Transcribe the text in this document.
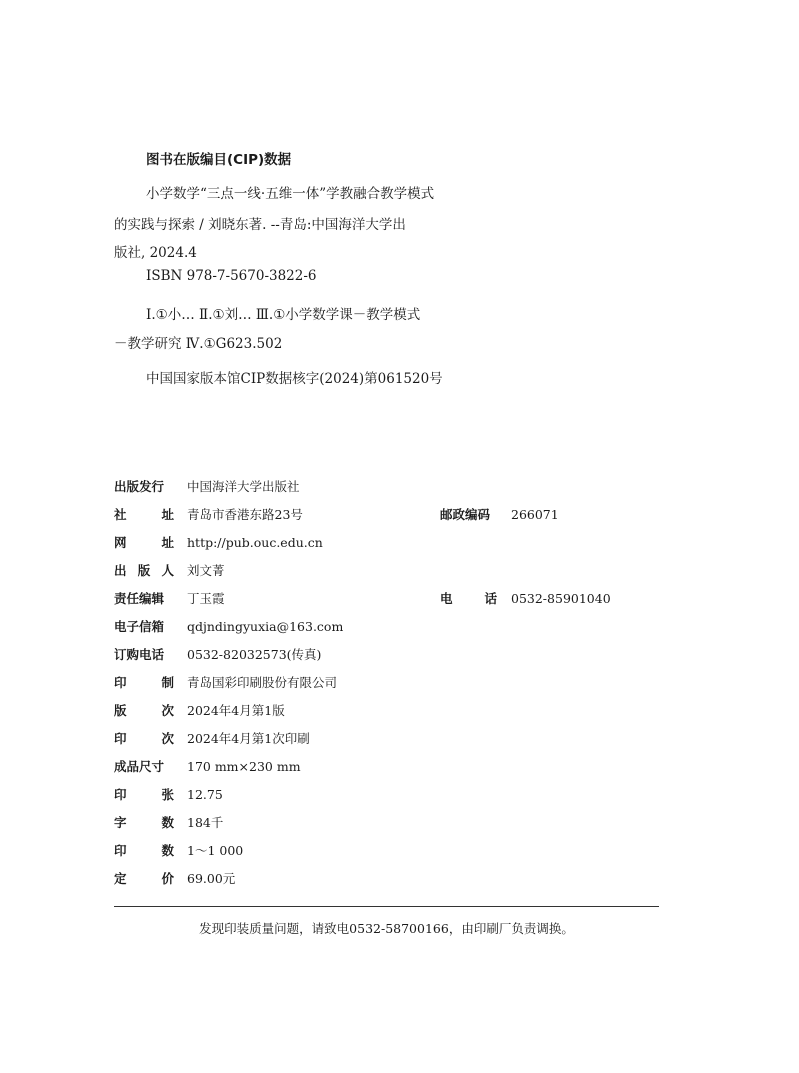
图书在版编目(CIP)数据
小学数学“三点一线·五维一体”学教融合教学模式
的实践与探索 / 刘晓东著. --青岛:中国海洋大学出
版社, 2024.4
ISBN 978-7-5670-3822-6
Ⅰ.①小… Ⅱ.①刘… Ⅲ.①小学数学课－教学模式
－教学研究 Ⅳ.①G623.502
中国国家版本馆CIP数据核字(2024)第061520号
出版发行 中国海洋大学出版社
社	址 青岛市香港东路23号	邮政编码 266071
网	址 http://pub.ouc.edu.cn
出 版 人 刘文菁
责任编辑 丁玉霞	电	话 0532-85901040
电子信箱 qdjndingyuxia@163.com
订购电话 0532-82032573(传真)
印	制 青岛国彩印刷股份有限公司
版	次 2024年4月第1版
印	次 2024年4月第1次印刷
成品尺寸 170 mm×230 mm
印	张 12.75
字	数 184千
印	数 1～1 000
定	价 69.00元
发现印装质量问题，请致电0532-58700166，由印刷厂负责调换。
